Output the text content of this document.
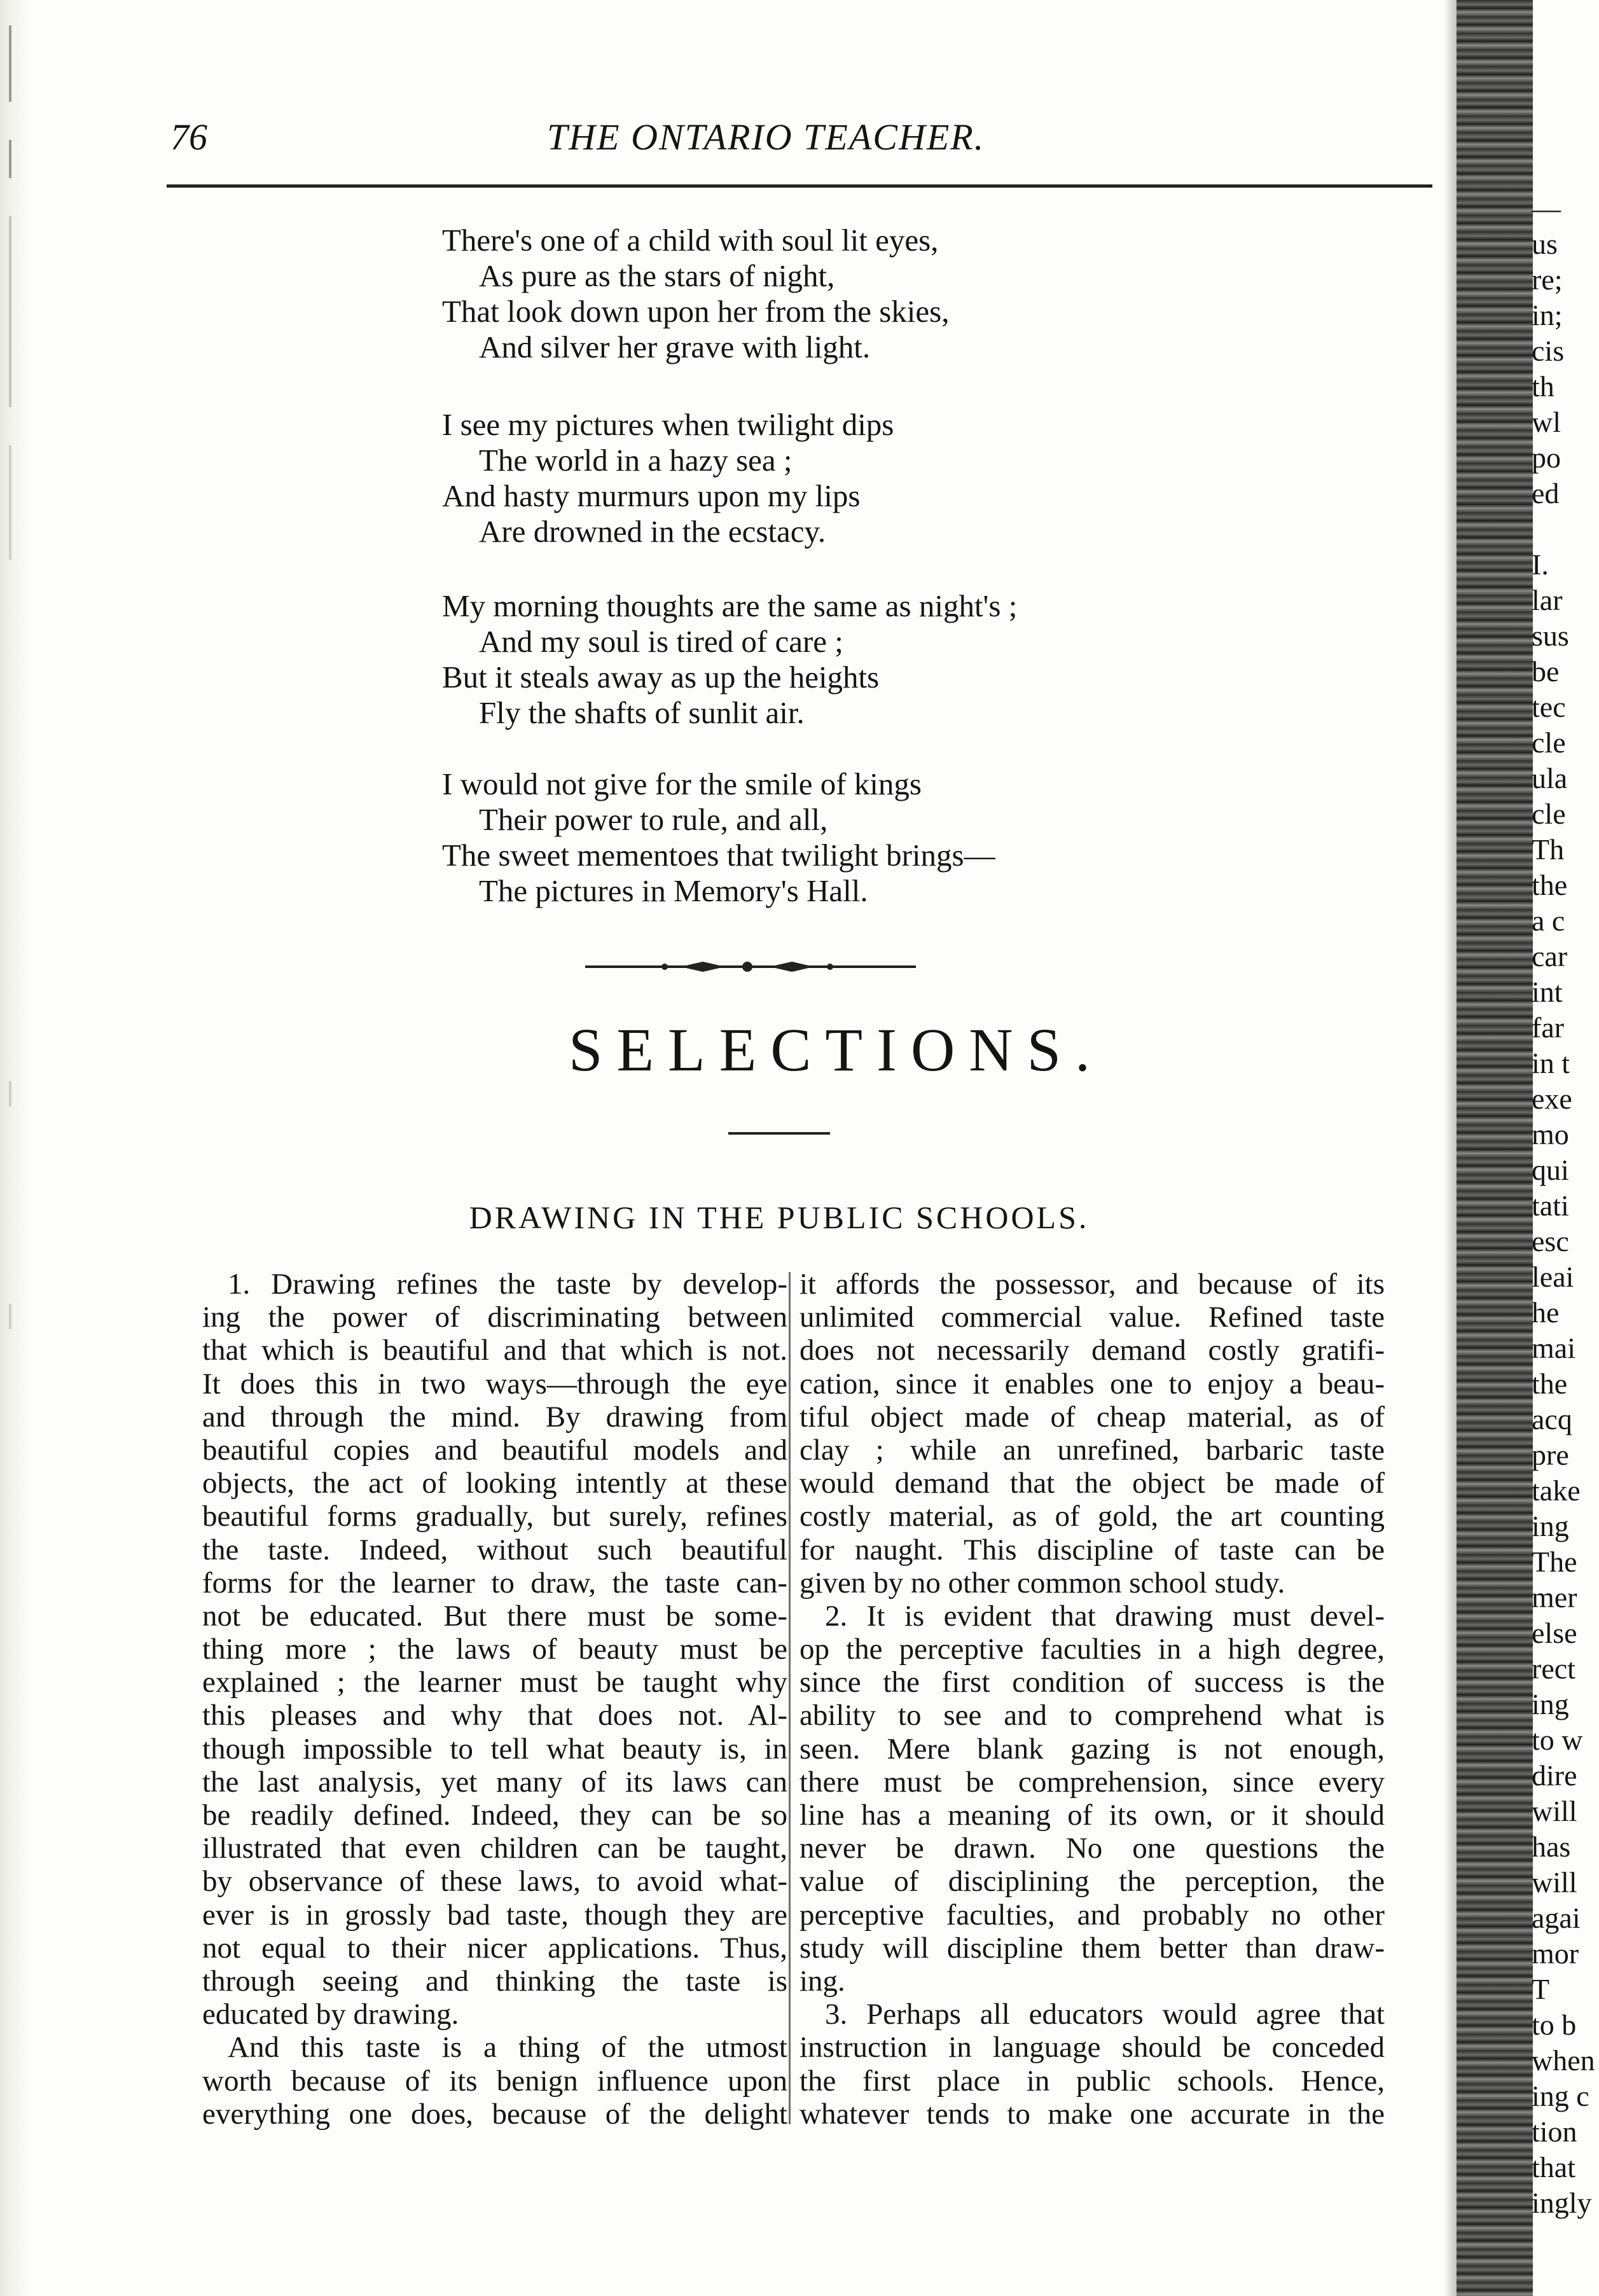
76	THE ONTARIO TEACHER.
There's one of a child with soul lit eyes,
As pure as the stars of night,
That look down upon her from the skies,
And silver her grave with light.
I see my pictures when twilight dips
The world in a hazy sea ;
And hasty murmurs upon my lips
Are drowned in the ecstacy.
My morning thoughts are the same as night's ;
And my soul is tired of care ;
But it steals away as up the heights
Fly the shafts of sunlit air.
I would not give for the smile of kings
Their power to rule, and all,
The sweet mementoes that twilight brings—
The pictures in Memory's Hall.
SELECTIONS.
DRAWING IN THE PUBLIC SCHOOLS.
1. Drawing refines the taste by develop-
ing the power of discriminating between
that which is beautiful and that which is not.
It does this in two ways—through the eye
and through the mind. By drawing from
beautiful copies and beautiful models and
objects, the act of looking intently at these
beautiful forms gradually, but surely, refines
the taste. Indeed, without such beautiful
forms for the learner to draw, the taste can-
not be educated. But there must be some-
thing more ; the laws of beauty must be
explained ; the learner must be taught why
this pleases and why that does not. Al-
though impossible to tell what beauty is, in
the last analysis, yet many of its laws can
be readily defined. Indeed, they can be so
illustrated that even children can be taught,
by observance of these laws, to avoid what-
ever is in grossly bad taste, though they are
not equal to their nicer applications. Thus,
through seeing and thinking the taste is
educated by drawing.
And this taste is a thing of the utmost
worth because of its benign influence upon
everything one does, because of the delight
it affords the possessor, and because of its
unlimited commercial value. Refined taste
does not necessarily demand costly gratifi-
cation, since it enables one to enjoy a beau-
tiful object made of cheap material, as of
clay ; while an unrefined, barbaric taste
would demand that the object be made of
costly material, as of gold, the art counting
for naught. This discipline of taste can be
given by no other common school study.
2. It is evident that drawing must devel-
op the perceptive faculties in a high degree,
since the first condition of success is the
ability to see and to comprehend what is
seen. Mere blank gazing is not enough,
there must be comprehension, since every
line has a meaning of its own, or it should
never be drawn. No one questions the
value of disciplining the perception, the
perceptive faculties, and probably no other
study will discipline them better than draw-
ing.
3. Perhaps all educators would agree that
instruction in language should be conceded
the first place in public schools. Hence,
whatever tends to make one accurate in the
—
us
re;
in;
cis
th
wl
po
ed
I.
lar
sus
be
tec
cle
ula
cle
Th
the
a c
car
int
far
in t
exe
mo
qui
tati
esc
leai
he
mai
the
acq
pre
take
ing
The
mer
else
rect
ing
to w
dire
will
has
will
agai
mor
T
to b
when
ing c
tion
that
ingly
